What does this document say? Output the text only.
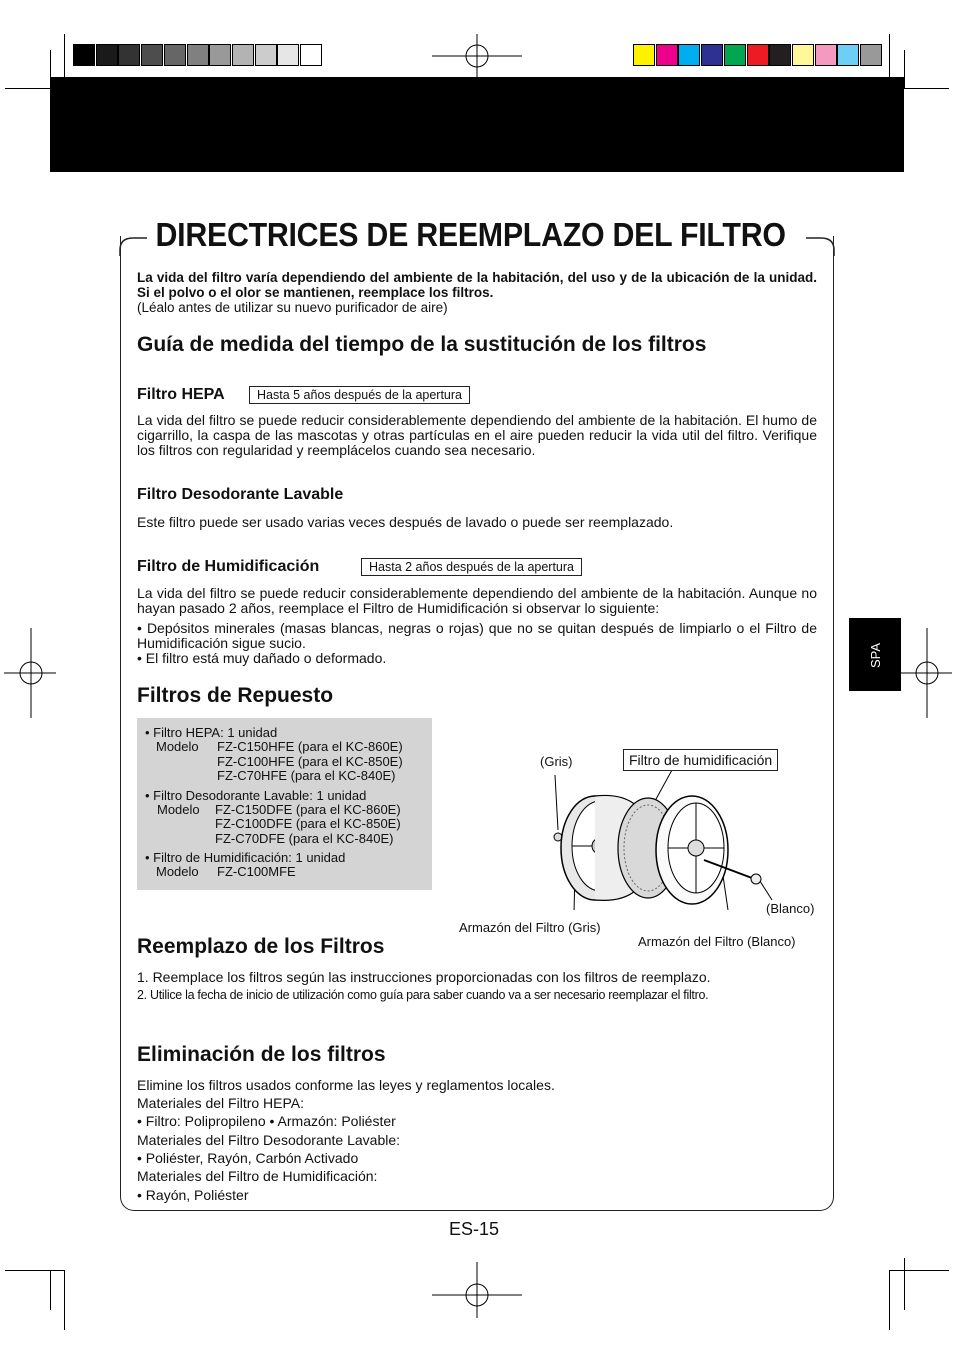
DIRECTRICES DE REEMPLAZO DEL FILTRO
La vida del filtro varía dependiendo del ambiente de la habitación, del uso y de la ubicación de la unidad. Si el polvo o el olor se mantienen, reemplace los filtros.
(Léalo antes de utilizar su nuevo purificador de aire)
Guía de medida del tiempo de la sustitución de los filtros
Filtro HEPA	Hasta 5 años después de la apertura
La vida del filtro se puede reducir considerablemente dependiendo del ambiente de la habitación. El humo de cigarrillo, la caspa de las mascotas y otras partículas en el aire pueden reducir la vida util del filtro. Verifique los filtros con regularidad y reemplácelos cuando sea necesario.
Filtro Desodorante Lavable
Este filtro puede ser usado varias veces después de lavado o puede ser reemplazado.
Filtro de Humidificación	Hasta 2 años después de la apertura
La vida del filtro se puede reducir considerablemente dependiendo del ambiente de la habitación. Aunque no hayan pasado 2 años, reemplace el Filtro de Humidificación si observar lo siguiente:
• Depósitos minerales (masas blancas, negras o rojas) que no se quitan después de limpiarlo o el Filtro de Humidificación sigue sucio.
• El filtro está muy dañado o deformado.
Filtros de Repuesto
• Filtro HEPA: 1 unidad
Modelo FZ-C150HFE (para el KC-860E)
FZ-C100HFE (para el KC-850E)
FZ-C70HFE (para el KC-840E)
• Filtro Desodorante Lavable: 1 unidad
Modelo FZ-C150DFE (para el KC-860E)
FZ-C100DFE (para el KC-850E)
FZ-C70DFE (para el KC-840E)
• Filtro de Humidificación: 1 unidad
Modelo FZ-C100MFE
(Gris)	Filtro de humidificación
(Blanco)
Armazón del Filtro (Gris)
Armazón del Filtro (Blanco)
Reemplazo de los Filtros
1. Reemplace los filtros según las instrucciones proporcionadas con los filtros de reemplazo.
2. Utilice la fecha de inicio de utilización como guía para saber cuando va a ser necesario reemplazar el filtro.
Eliminación de los filtros
Elimine los filtros usados conforme las leyes y reglamentos locales.
Materiales del Filtro HEPA:
• Filtro: Polipropileno • Armazón: Poliéster
Materiales del Filtro Desodorante Lavable:
• Poliéster, Rayón, Carbón Activado
Materiales del Filtro de Humidificación:
• Rayón, Poliéster
ES-15
SPA
